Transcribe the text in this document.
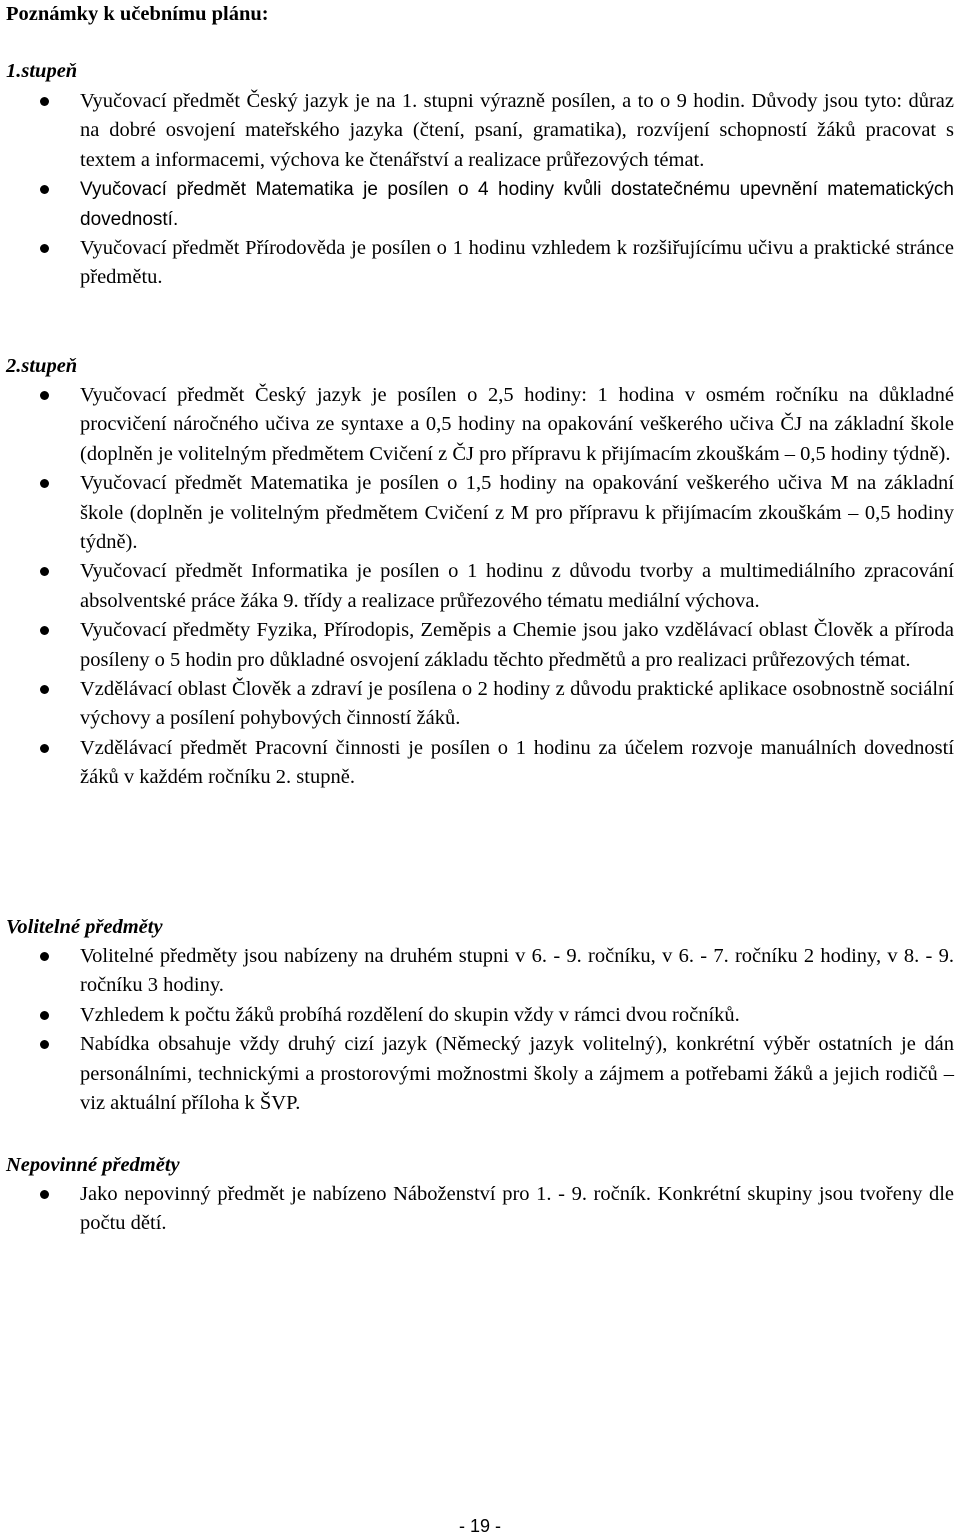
Poznámky k učebnímu plánu:
1.stupeň
Vyučovací předmět Český jazyk je na 1. stupni výrazně posílen, a to o 9 hodin. Důvody jsou tyto: důraz na dobré osvojení mateřského jazyka (čtení, psaní, gramatika), rozvíjení schopností žáků pracovat s textem a informacemi, výchova ke čtenářství a realizace průřezových témat.
Vyučovací předmět Matematika je posílen o 4 hodiny kvůli dostatečnému upevnění matematických dovedností.
Vyučovací předmět Přírodověda je posílen o 1 hodinu vzhledem k rozšiřujícímu učivu a praktické stránce předmětu.
2.stupeň
Vyučovací předmět Český jazyk je posílen o 2,5 hodiny: 1 hodina v osmém ročníku na důkladné procvičení náročného učiva ze syntaxe a 0,5 hodiny na opakování veškerého učiva ČJ na základní škole (doplněn je volitelným předmětem Cvičení z ČJ pro přípravu k přijímacím zkouškám – 0,5 hodiny týdně).
Vyučovací předmět Matematika je posílen o 1,5 hodiny na opakování veškerého učiva M na základní škole (doplněn je volitelným předmětem Cvičení z M pro přípravu k přijímacím zkouškám – 0,5 hodiny týdně).
Vyučovací předmět Informatika je posílen o 1 hodinu z důvodu tvorby a multimediálního zpracování absolventské práce žáka 9. třídy a realizace průřezového tématu mediální výchova.
Vyučovací předměty Fyzika, Přírodopis, Zeměpis a Chemie jsou jako vzdělávací oblast Člověk a příroda posíleny o 5 hodin pro důkladné osvojení základu těchto předmětů a pro realizaci průřezových témat.
Vzdělávací oblast Člověk a zdraví je posílena o 2 hodiny z důvodu praktické aplikace osobnostně sociální výchovy a posílení pohybových činností žáků.
Vzdělávací předmět Pracovní činnosti je posílen o 1 hodinu za účelem rozvoje manuálních dovedností žáků v každém ročníku 2. stupně.
Volitelné předměty
Volitelné předměty jsou nabízeny na druhém stupni v 6. - 9. ročníku, v 6. - 7. ročníku 2 hodiny, v 8. - 9. ročníku 3 hodiny.
Vzhledem k počtu žáků probíhá rozdělení do skupin vždy v rámci dvou ročníků.
Nabídka obsahuje vždy druhý cizí jazyk (Německý jazyk volitelný), konkrétní výběr ostatních je dán personálními, technickými a prostorovými možnostmi školy a zájmem a potřebami žáků a jejich rodičů – viz aktuální příloha k ŠVP.
Nepovinné předměty
Jako nepovinný předmět je nabízeno Náboženství pro 1. - 9. ročník. Konkrétní skupiny jsou tvořeny dle počtu dětí.
- 19 -
